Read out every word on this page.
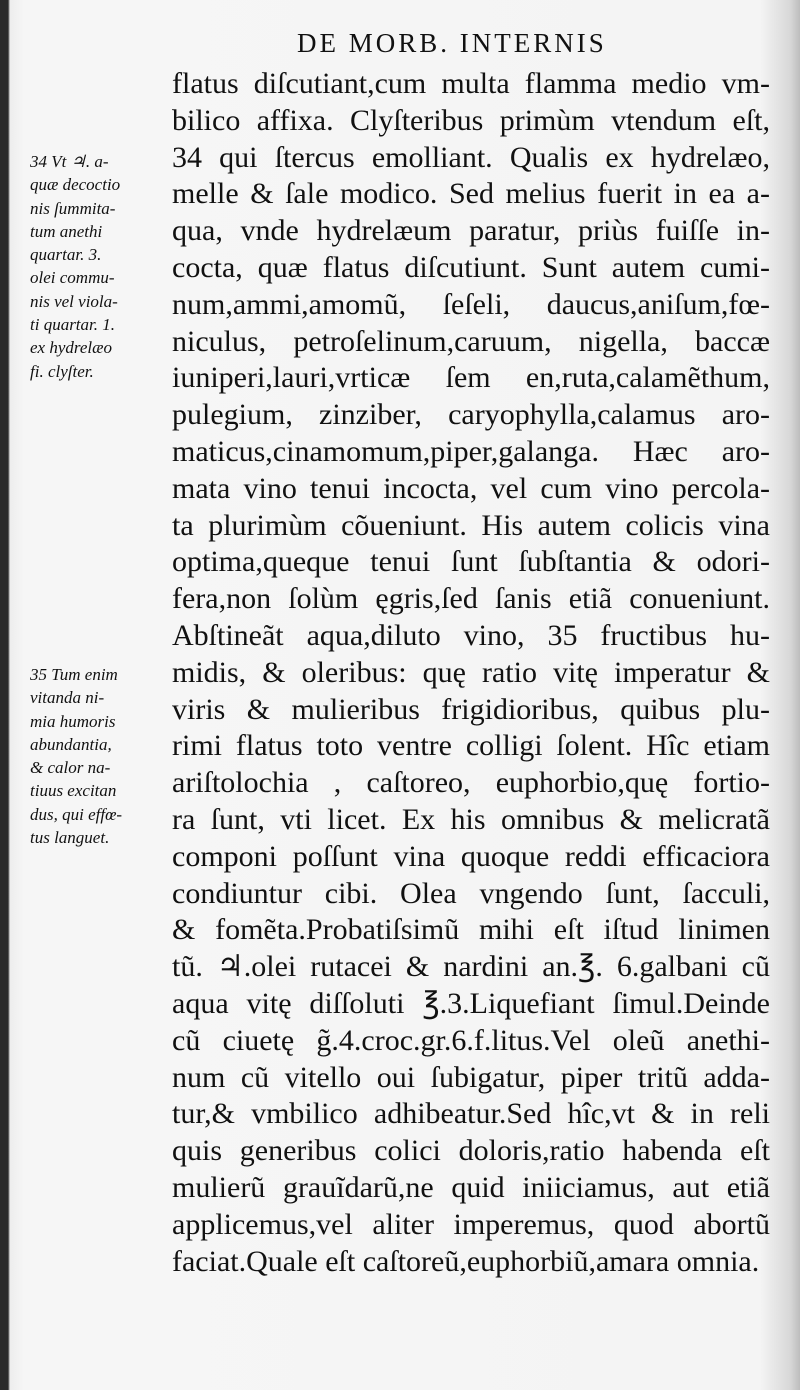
DE MORB. INTERNIS
flatus diſcutiant,cum multa flamma medio vm-
bilico affixa. Clyſteribus primùm vtendum eſt,
34 qui ſtercus emolliant. Qualis ex hydrelæo,
melle & ſale modico. Sed melius fuerit in ea a-
qua, vnde hydrelæum paratur, priùs fuiſſe in-
cocta, quæ flatus diſcutiunt. Sunt autem cumi-
num,ammi,amomũ, ſeſeli, daucus,aniſum,fœ-
niculus, petroſelinum,caruum, nigella, baccæ
iuniperi,lauri,vrticæ ſem en,ruta,calamẽthum,
pulegium, zinziber, caryophylla,calamus aro-
maticus,cinamomum,piper,galanga. Hæc aro-
mata vino tenui incocta, vel cum vino percola-
ta plurimùm cõueniunt. His autem colicis vina
optima,queque tenui ſunt ſubſtantia & odori-
fera,non ſolùm ęgris,ſed ſanis etiã conueniunt.
Abſtineãt aqua,diluto vino, 35 fructibus hu-
midis, & oleribus: quę ratio vitę imperatur &
viris & mulieribus frigidioribus, quibus plu-
rimi flatus toto ventre colligi ſolent. Hîc etiam
ariſtolochia , caſtoreo, euphorbio,quę fortio-
ra ſunt, vti licet. Ex his omnibus & melicratã
componi poſſunt vina quoque reddi efficaciora
condiuntur cibi. Olea vngendo ſunt, ſacculi,
& fomẽta.Probatiſsimũ mihi eſt iſtud linimen
tũ. ♃.olei rutacei & nardini an.℥. 6.galbani cũ
aqua vitę diſſoluti ℥.3.Liquefiant ſimul.Deinde
cũ ciuetę g̃.4.croc.gr.6.f.litus.Vel oleũ anethi-
num cũ vitello oui ſubigatur, piper tritũ adda-
tur,& vmbilico adhibeatur.Sed hîc,vt & in reli
quis generibus colici doloris,ratio habenda eſt
mulierũ grauĩdarũ,ne quid iniiciamus, aut etiã
applicemus,vel aliter imperemus, quod abortũ
faciat.Quale eſt caſtoreũ,euphorbiũ,amara omnia.
34 Vt ♃. a-
quæ decoctio
nis ſummita-
tum anethi
quartar. 3.
olei commu-
nis vel viola-
ti quartar. 1.
ex hydrelæo
fi. clyſter.
35 Tum enim
vitanda ni-
mia humoris
abundantia,
& calor na-
tiuus excitan
dus, qui effœ-
tus languet.
